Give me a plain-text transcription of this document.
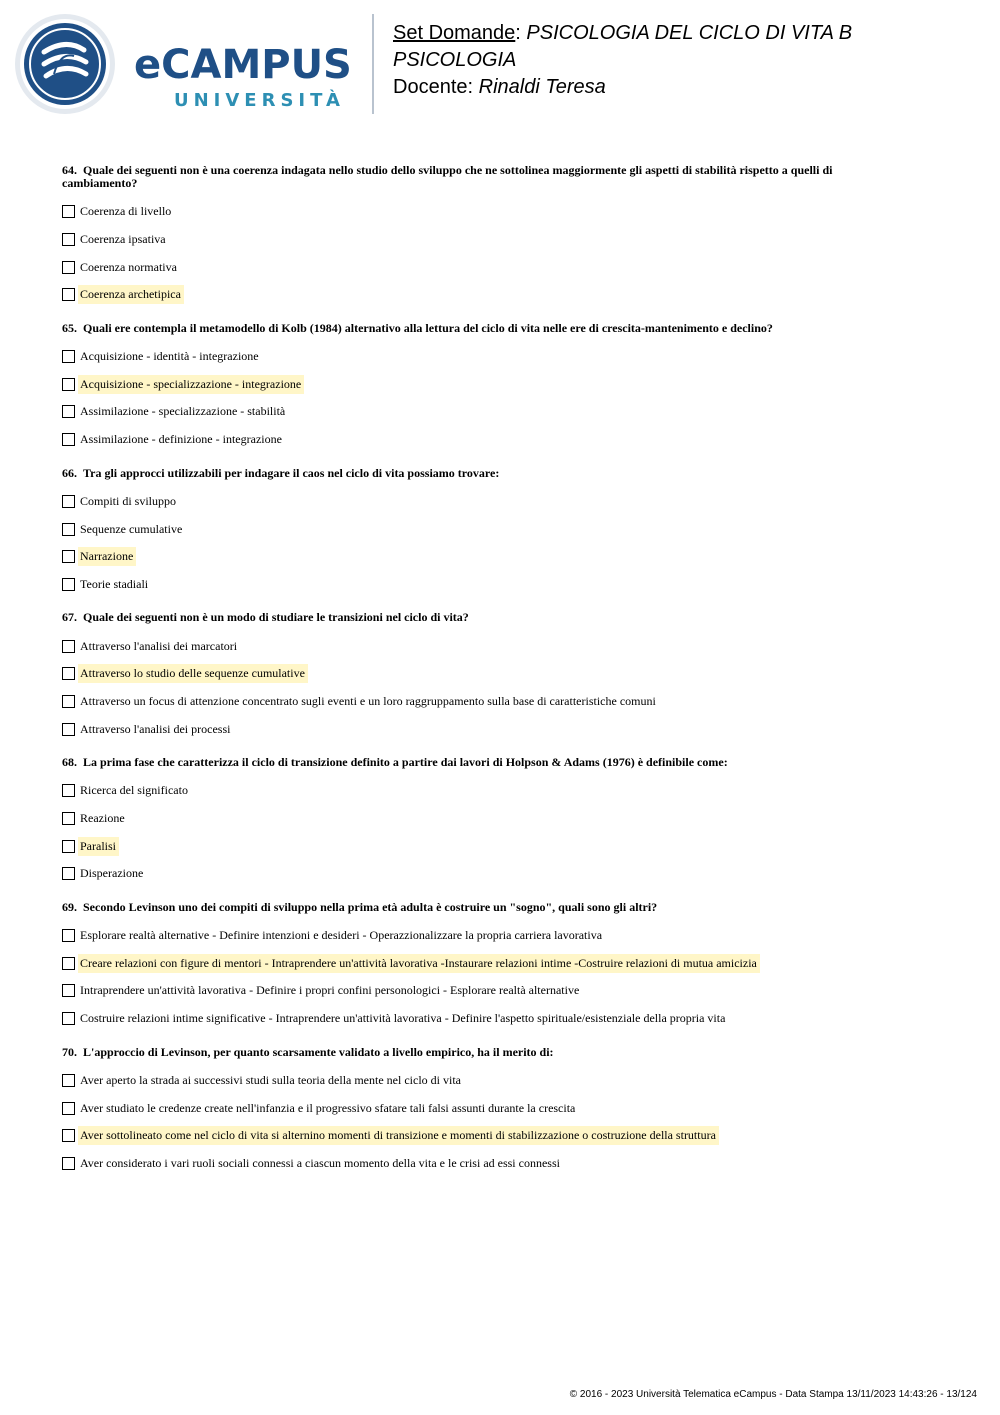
eCAMPUS
UNIVERSITÀ
Set Domande: PSICOLOGIA DEL CICLO DI VITA B
PSICOLOGIA
Docente: Rinaldi Teresa
64. Quale dei seguenti non è una coerenza indagata nello studio dello sviluppo che ne sottolinea maggiormente gli aspetti di stabilità rispetto a quelli di cambiamento?
Coerenza di livello
Coerenza ipsativa
Coerenza normativa
Coerenza archetipica
65. Quali ere contempla il metamodello di Kolb (1984) alternativo alla lettura del ciclo di vita nelle ere di crescita-mantenimento e declino?
Acquisizione - identità - integrazione
Acquisizione - specializzazione - integrazione
Assimilazione - specializzazione - stabilità
Assimilazione - definizione - integrazione
66. Tra gli approcci utilizzabili per indagare il caos nel ciclo di vita possiamo trovare:
Compiti di sviluppo
Sequenze cumulative
Narrazione
Teorie stadiali
67. Quale dei seguenti non è un modo di studiare le transizioni nel ciclo di vita?
Attraverso l'analisi dei marcatori
Attraverso lo studio delle sequenze cumulative
Attraverso un focus di attenzione concentrato sugli eventi e un loro raggruppamento sulla base di caratteristiche comuni
Attraverso l'analisi dei processi
68. La prima fase che caratterizza il ciclo di transizione definito a partire dai lavori di Holpson & Adams (1976) è definibile come:
Ricerca del significato
Reazione
Paralisi
Disperazione
69. Secondo Levinson uno dei compiti di sviluppo nella prima età adulta è costruire un "sogno", quali sono gli altri?
Esplorare realtà alternative - Definire intenzioni e desideri - Operazzionalizzare la propria carriera lavorativa
Creare relazioni con figure di mentori - Intraprendere un'attività lavorativa -Instaurare relazioni intime -Costruire relazioni di mutua amicizia
Intraprendere un'attività lavorativa - Definire i propri confini personologici - Esplorare realtà alternative
Costruire relazioni intime significative - Intraprendere un'attività lavorativa - Definire l'aspetto spirituale/esistenziale della propria vita
70. L'approccio di Levinson, per quanto scarsamente validato a livello empirico, ha il merito di:
Aver aperto la strada ai successivi studi sulla teoria della mente nel ciclo di vita
Aver studiato le credenze create nell'infanzia e il progressivo sfatare tali falsi assunti durante la crescita
Aver sottolineato come nel ciclo di vita si alternino momenti di transizione e momenti di stabilizzazione o costruzione della struttura
Aver considerato i vari ruoli sociali connessi a ciascun momento della vita e le crisi ad essi connessi
© 2016 - 2023 Università Telematica eCampus - Data Stampa 13/11/2023 14:43:26 - 13/124
